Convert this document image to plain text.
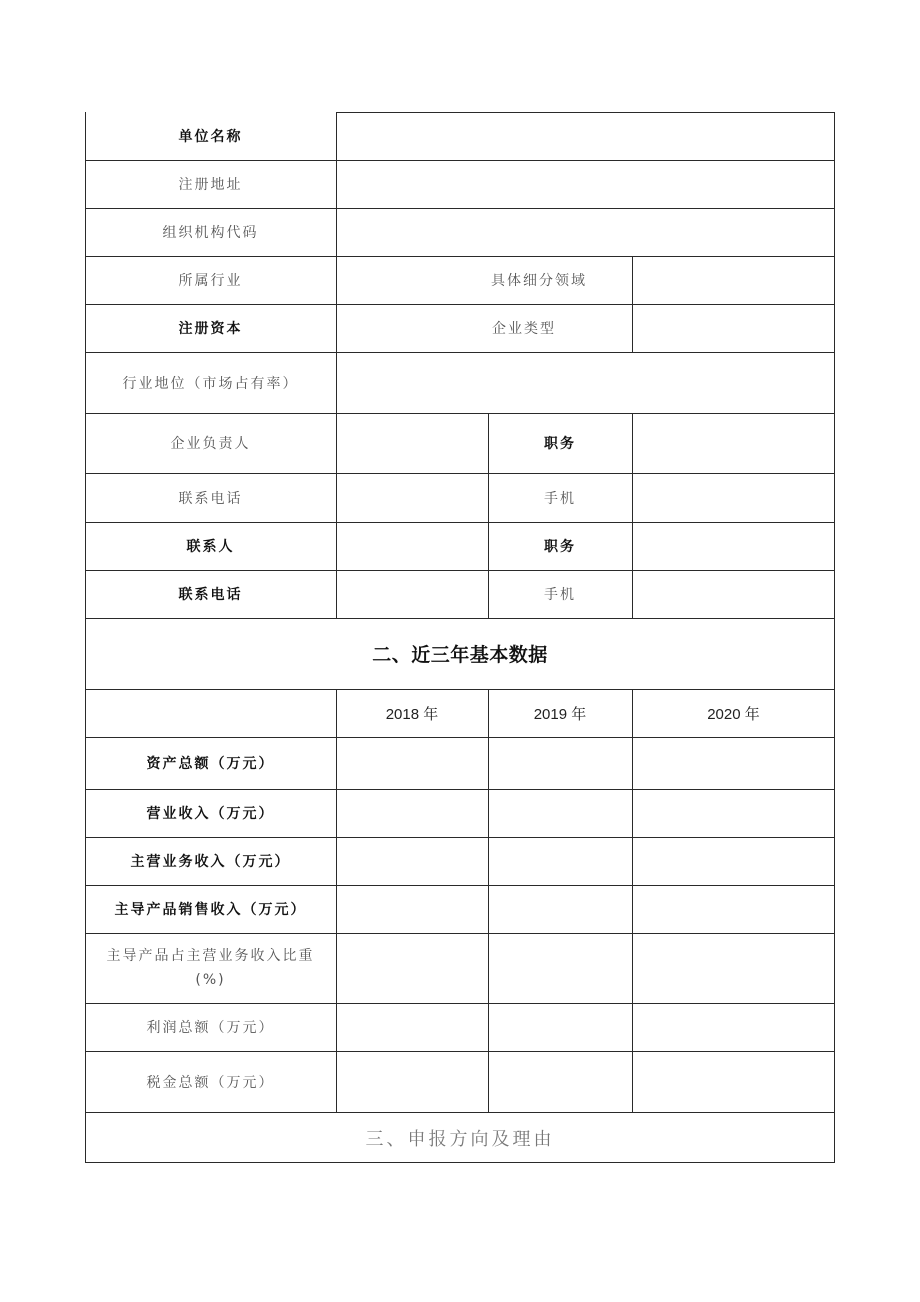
单位名称
注册地址
组织机构代码
所属行业	具体细分领域
注册资本	企业类型
行业地位（市场占有率）
企业负责人	职务
联系电话	手机
联系人	职务
联系电话	手机
二、近三年基本数据
2018 年	2019 年	2020 年
资产总额（万元）
营业收入（万元）
主营业务收入（万元）
主导产品销售收入（万元）
主导产品占主营业务收入比重(%)
利润总额（万元）
税金总额（万元）
三、申报方向及理由
